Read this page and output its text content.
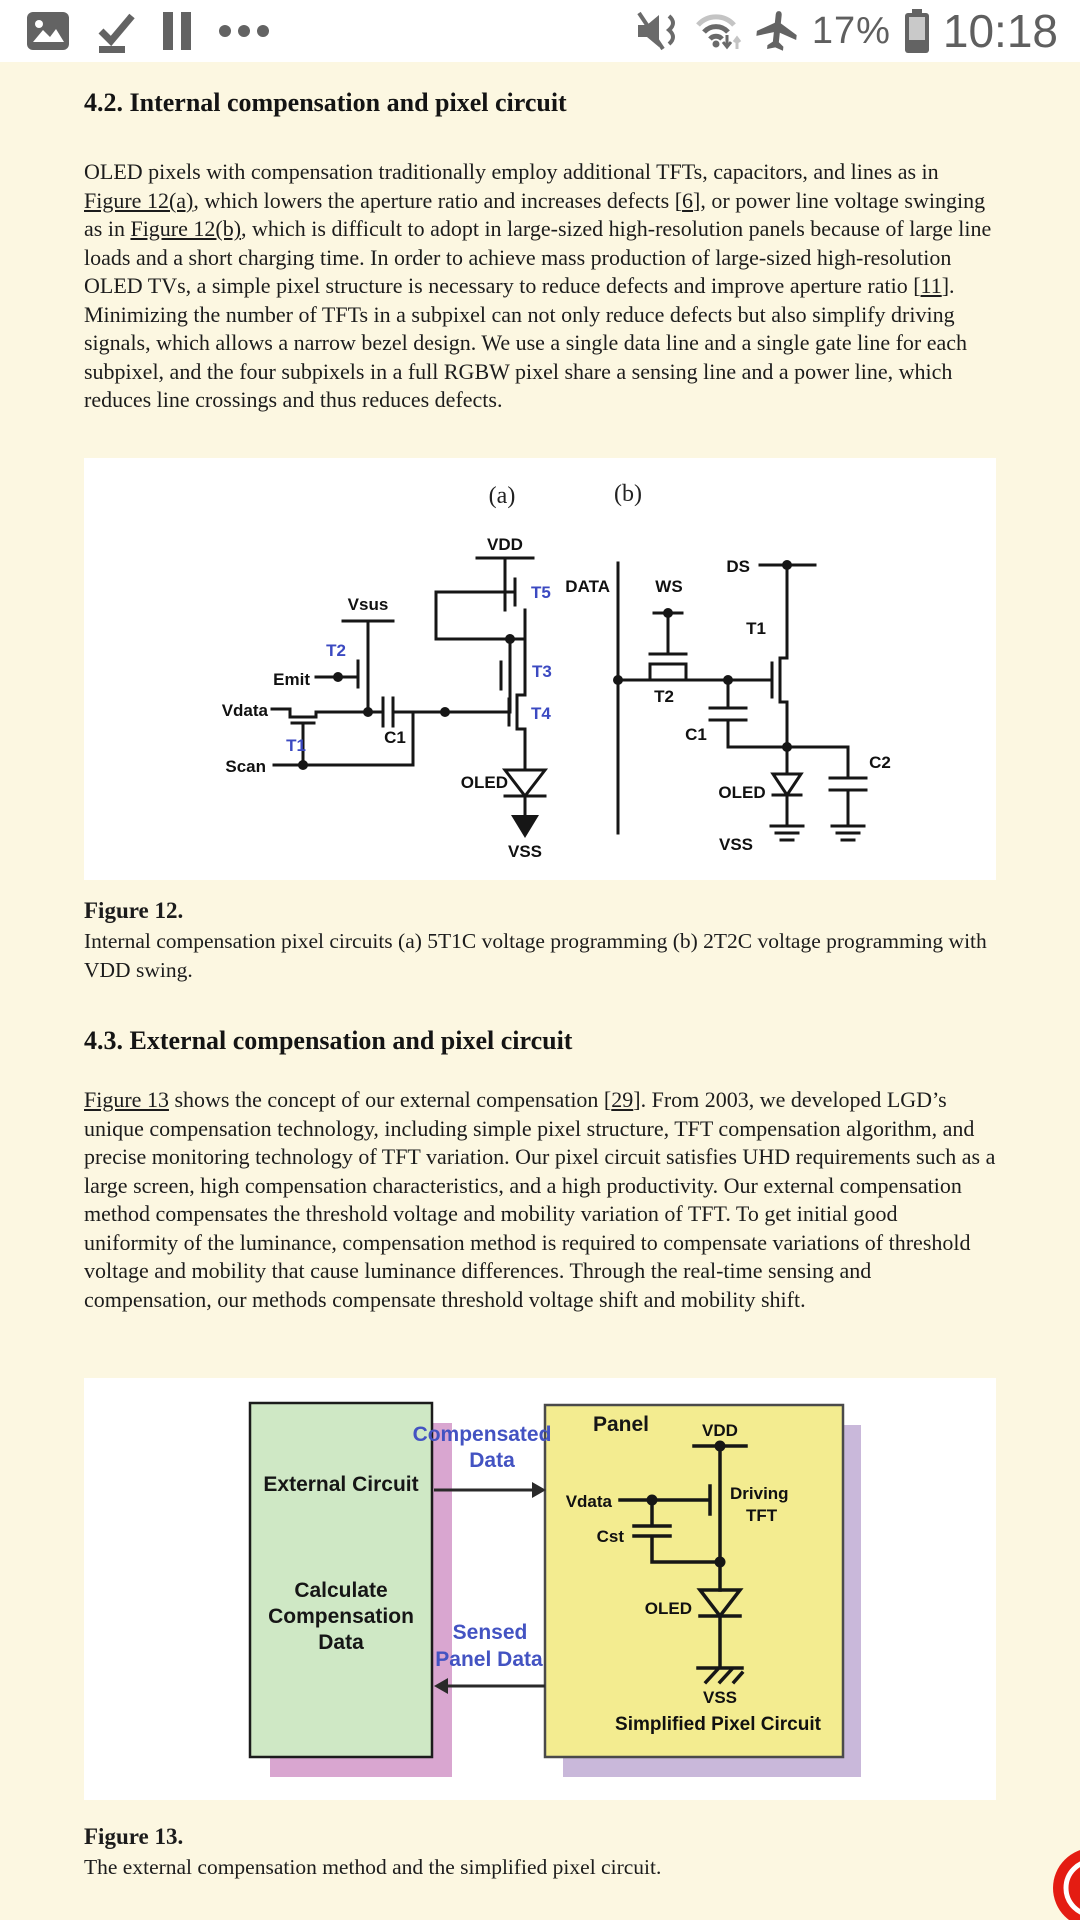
17% 10:18
4.2. Internal compensation and pixel circuit
OLED pixels with compensation traditionally employ additional TFTs, capacitors, and lines as in Figure 12(a), which lowers the aperture ratio and increases defects [6], or power line voltage swinging as in Figure 12(b), which is difficult to adopt in large-sized high-resolution panels because of large line loads and a short charging time. In order to achieve mass production of large-sized high-resolution OLED TVs, a simple pixel structure is necessary to reduce defects and improve aperture ratio [11]. Minimizing the number of TFTs in a subpixel can not only reduce defects but also simplify driving signals, which allows a narrow bezel design. We use a single data line and a single gate line for each subpixel, and the four subpixels in a full RGBW pixel share a sensing line and a power line, which reduces line crossings and thus reduces defects.
(a)	(b)
VDD
T5
Vsus
T2
Emit	T3
Vdata
T1
Scan
C1
T4
OLED
VSS
DATA	WS
DS
T1
T2
C1
C2
OLED
VSS
Figure 12.
Internal compensation pixel circuits (a) 5T1C voltage programming (b) 2T2C voltage programming with VDD swing.
4.3. External compensation and pixel circuit
Figure 13 shows the concept of our external compensation [29]. From 2003, we developed LGD’s unique compensation technology, including simple pixel structure, TFT compensation algorithm, and precise monitoring technology of TFT variation. Our pixel circuit satisfies UHD requirements such as a large screen, high compensation characteristics, and a high productivity. Our external compensation method compensates the threshold voltage and mobility variation of TFT. To get initial good uniformity of the luminance, compensation method is required to compensate variations of threshold voltage and mobility that cause luminance differences. Through the real-time sensing and compensation, our methods compensate threshold voltage shift and mobility shift.
External Circuit
Calculate
Compensation
Data
Compensated
Data
Sensed
Panel Data
Panel	VDD
Vdata
Cst
Driving
TFT
OLED
VSS
Simplified Pixel Circuit
Figure 13.
The external compensation method and the simplified pixel circuit.
